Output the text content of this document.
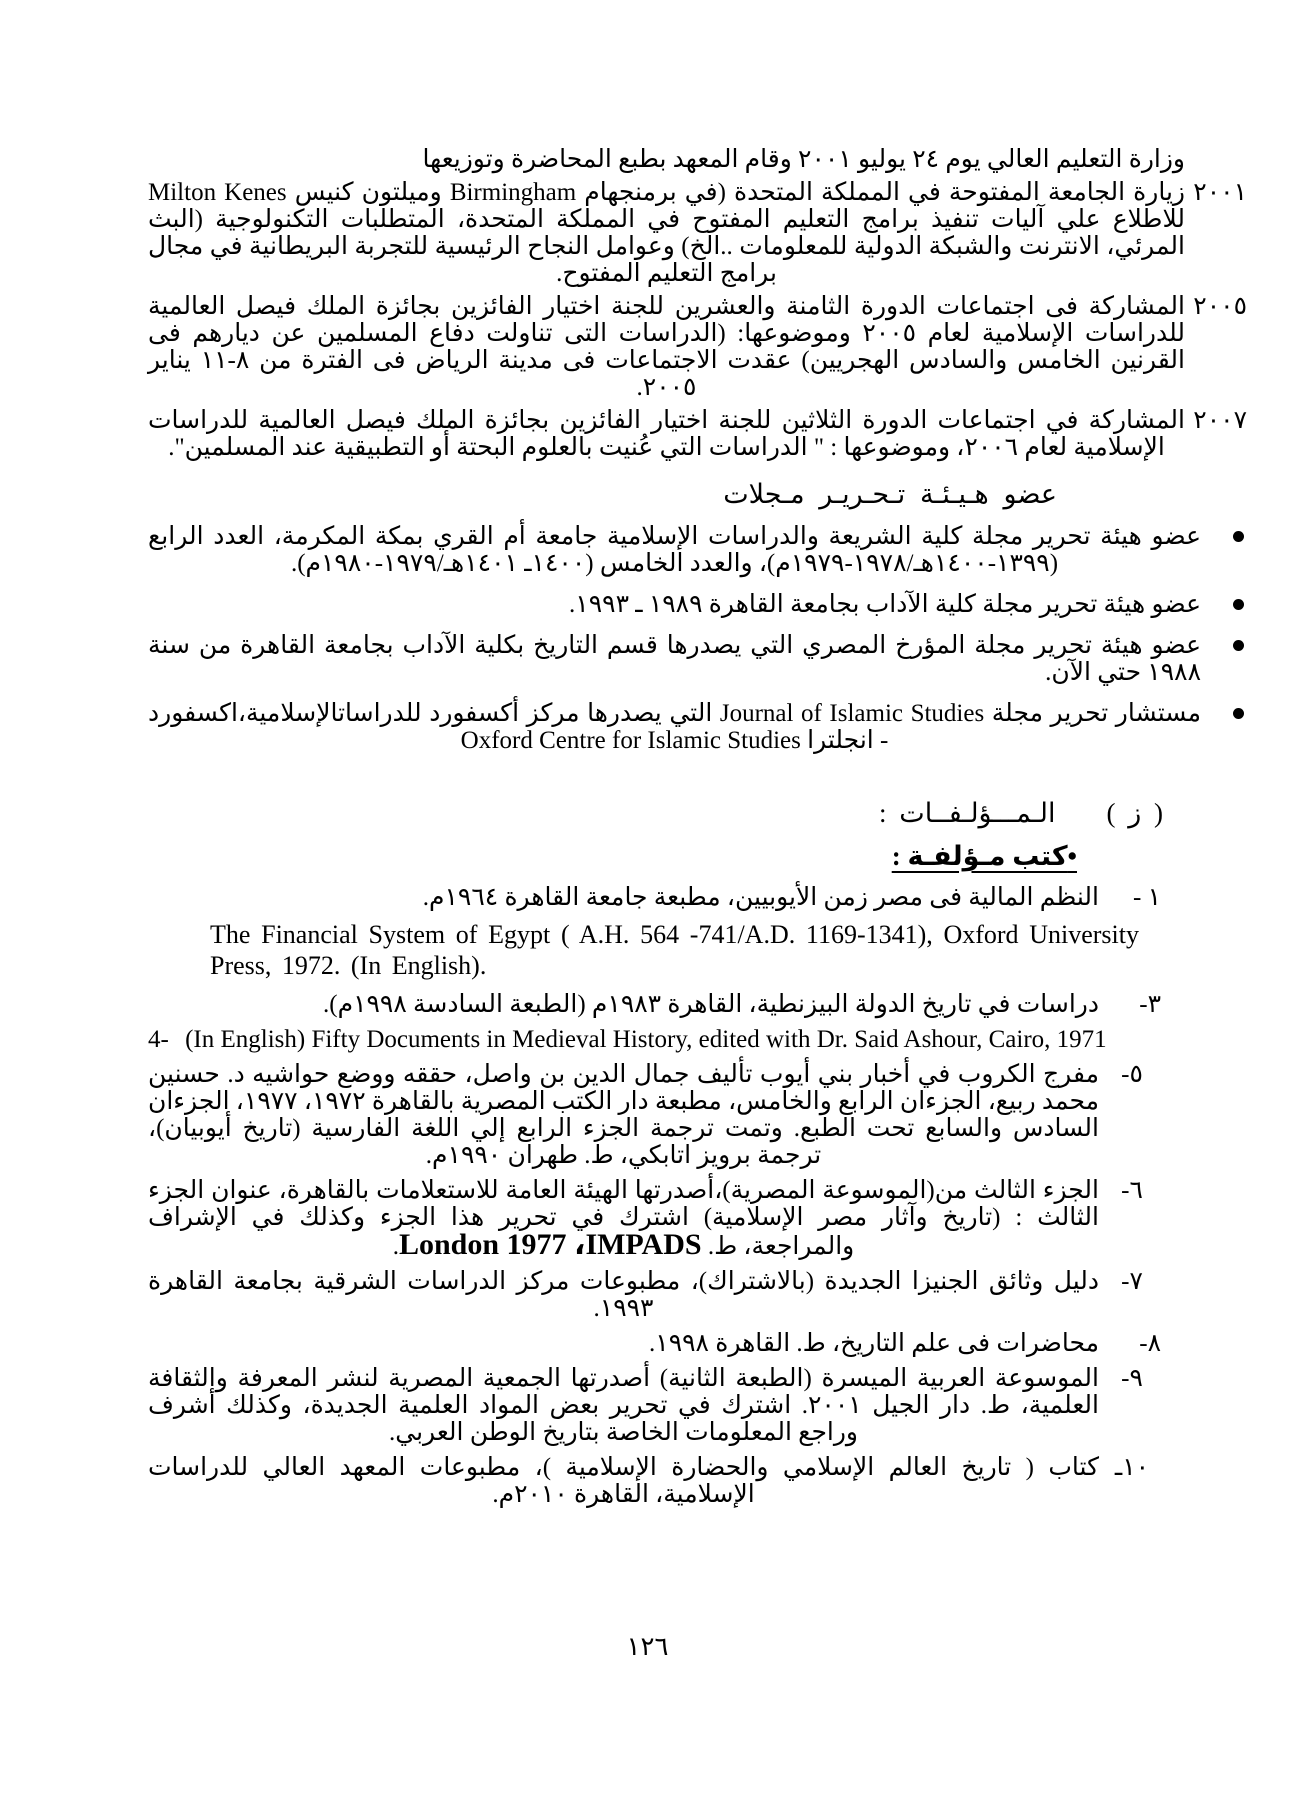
وزارة التعليم العالي يوم ٢٤ يوليو ٢٠٠١ وقام المعهد بطبع المحاضرة وتوزيعها

٢٠٠١
زيارة الجامعة المفتوحة في المملكة المتحدة (في برمنجهام Birmingham وميلتون كنيس Milton Kenes للاطلاع علي آليات تنفيذ برامج التعليم المفتوح في المملكة المتحدة، المتطلبات التكنولوجية (البث المرئي، الانترنت والشبكة الدولية للمعلومات ..الخ) وعوامل النجاح الرئيسية للتجربة البريطانية في مجال برامج التعليم المفتوح.
٢٠٠٥
المشاركة فى اجتماعات الدورة الثامنة والعشرين للجنة اختيار الفائزين بجائزة الملك فيصل العالمية للدراسات الإسلامية لعام ٢٠٠٥ وموضوعها: (الدراسات التى تناولت دفاع المسلمين عن ديارهم فى القرنين الخامس والسادس الهجريين) عقدت الاجتماعات فى مدينة الرياض فى الفترة من ٨-١١ يناير ٢٠٠٥.
٢٠٠٧
المشاركة في اجتماعات الدورة الثلاثين للجنة اختيار الفائزين بجائزة الملك فيصل العالمية للدراسات الإسلامية لعام ٢٠٠٦، وموضوعها : " الدراسات التي عُنيت بالعلوم البحتة أو التطبيقية عند المسلمين".
عضو هـيـئـة تـحـريـر مـجلات
عضو هيئة تحرير مجلة كلية الشريعة والدراسات الإسلامية جامعة أم القري بمكة المكرمة، العدد الرابع (١٣٩٩-١٤٠٠هـ/١٩٧٨-١٩٧٩م)، والعدد الخامس (١٤٠٠ـ ١٤٠١هـ/١٩٧٩-١٩٨٠م).
عضو هيئة تحرير مجلة كلية الآداب بجامعة القاهرة ١٩٨٩ ـ ١٩٩٣.
عضو هيئة تحرير مجلة المؤرخ المصري التي يصدرها قسم التاريخ بكلية الآداب بجامعة القاهرة من سنة ١٩٨٨ حتي الآن.
مستشار تحرير مجلة Journal of Islamic Studies التي يصدرها مركز أكسفورد للدراساتالإسلامية،اكسفورد - انجلترا Oxford Centre for Islamic Studies
( ز )    الـمـــؤلـفــات :

•كتب مـؤلفـة :

١ -
النظم المالية فى مصر زمن الأيوبيين، مطبعة جامعة القاهرة ١٩٦٤م.
The Financial System of Egypt ( A.H. 564 -741/A.D. 1169-1341), Oxford University Press, 1972. (In English).
٣-
دراسات في تاريخ الدولة البيزنطية، القاهرة ١٩٨٣م (الطبعة السادسة ١٩٩٨م).
4- (In English) Fifty Documents in Medieval History, edited with Dr. Said Ashour, Cairo, 1971
٥-
مفرج الكروب في أخبار بني أيوب تأليف جمال الدين بن واصل، حققه ووضع حواشيه د. حسنين محمد ربيع، الجزءان الرابع والخامس، مطبعة دار الكتب المصرية بالقاهرة ١٩٧٢، ١٩٧٧، الجزءان السادس والسابع تحت الطبع. وتمت ترجمة الجزء الرابع إلي اللغة الفارسية (تاريخ أيوبيان)، ترجمة برويز اتابكي، ط. طهران ١٩٩٠م.
٦-
الجزء الثالث من(الموسوعة المصرية)،أصدرتها الهيئة العامة للاستعلامات بالقاهرة، عنوان الجزء الثالث : (تاريخ وآثار مصر الإسلامية) اشترك في تحرير هذا الجزء وكذلك في الإشراف والمراجعة، ط. London 1977 ،IMPADS.
٧-
دليل وثائق الجنيزا الجديدة (بالاشتراك)، مطبوعات مركز الدراسات الشرقية بجامعة القاهرة ١٩٩٣.
٨-
محاضرات فى علم التاريخ، ط. القاهرة ١٩٩٨.
٩-
الموسوعة العربية الميسرة (الطبعة الثانية) أصدرتها الجمعية المصرية لنشر المعرفة والثقافة العلمية، ط. دار الجيل ٢٠٠١. اشترك في تحرير بعض المواد العلمية الجديدة، وكذلك أشرف وراجع المعلومات الخاصة بتاريخ الوطن العربي.
١٠ـ
كتاب ( تاريخ العالم الإسلامي والحضارة الإسلامية )، مطبوعات المعهد العالي للدراسات الإسلامية، القاهرة ٢٠١٠م.
١٢٦
